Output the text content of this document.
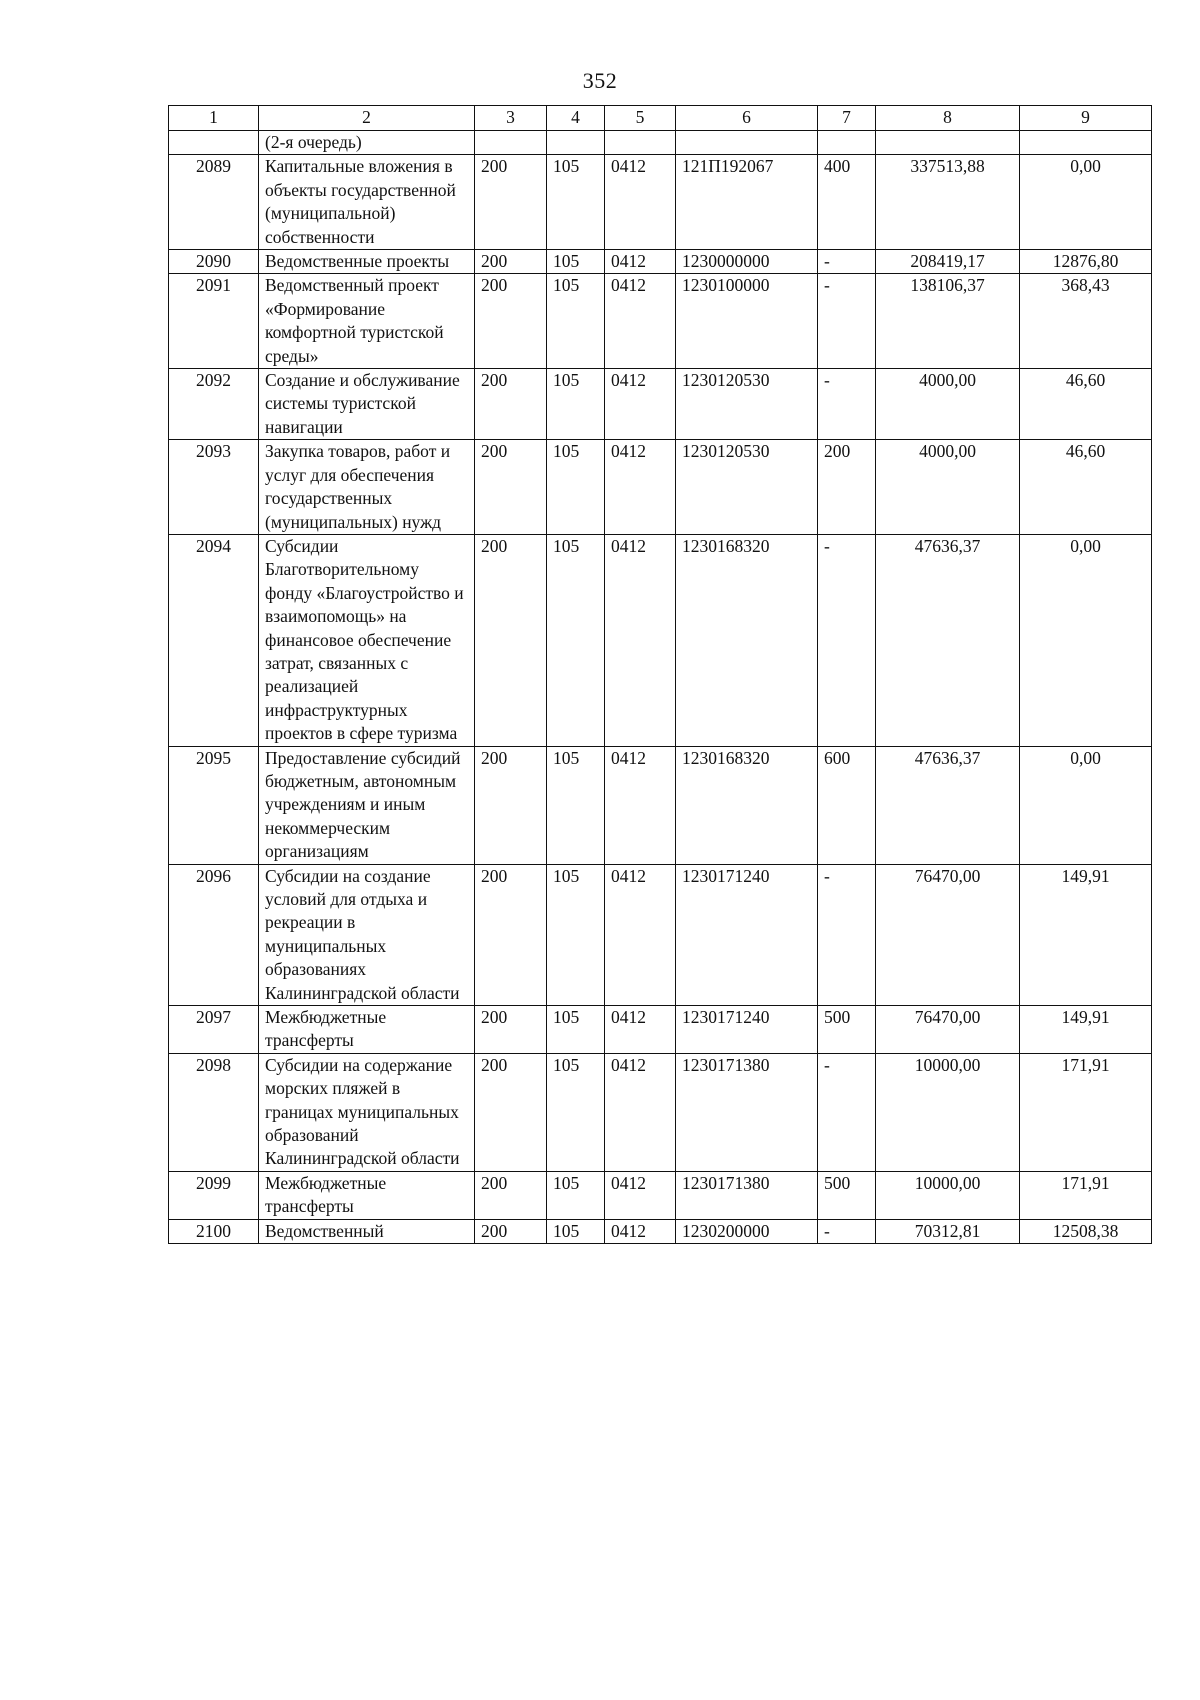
352
1	2	3	4	5	6	7	8	9
	(2-я очередь)							
2089	Капитальные вложения в объекты государственной (муниципальной) собственности	200	105	0412	121П192067	400	337513,88	0,00
2090	Ведомственные проекты	200	105	0412	1230000000	-	208419,17	12876,80
2091	Ведомственный проект «Формирование комфортной туристской среды»	200	105	0412	1230100000	-	138106,37	368,43
2092	Создание и обслуживание системы туристской навигации	200	105	0412	1230120530	-	4000,00	46,60
2093	Закупка товаров, работ и услуг для обеспечения государственных (муниципальных) нужд	200	105	0412	1230120530	200	4000,00	46,60
2094	Субсидии Благотворительному фонду «Благоустройство и взаимопомощь» на финансовое обеспечение затрат, связанных с реализацией инфраструктурных проектов в сфере туризма	200	105	0412	1230168320	-	47636,37	0,00
2095	Предоставление субсидий бюджетным, автономным учреждениям и иным некоммерческим организациям	200	105	0412	1230168320	600	47636,37	0,00
2096	Субсидии на создание условий для отдыха и рекреации в муниципальных образованиях Калининградской области	200	105	0412	1230171240	-	76470,00	149,91
2097	Межбюджетные трансферты	200	105	0412	1230171240	500	76470,00	149,91
2098	Субсидии на содержание морских пляжей в границах муниципальных образований Калининградской области	200	105	0412	1230171380	-	10000,00	171,91
2099	Межбюджетные трансферты	200	105	0412	1230171380	500	10000,00	171,91
2100	Ведомственный	200	105	0412	1230200000	-	70312,81	12508,38
